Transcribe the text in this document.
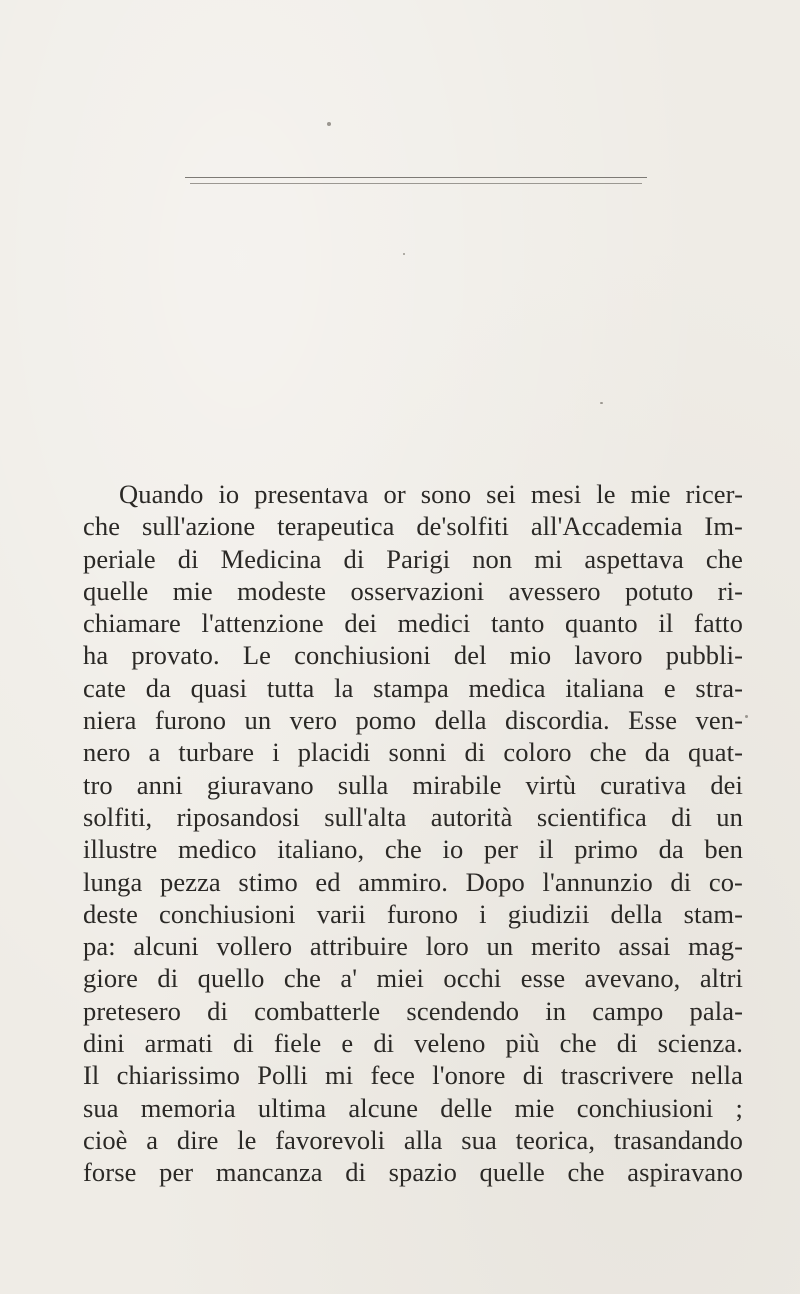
Quando io presentava or sono sei mesi le mie ricer-
che sull'azione terapeutica de'solfiti all'Accademia Im-
periale di Medicina di Parigi non mi aspettava che
quelle mie modeste osservazioni avessero potuto ri-
chiamare l'attenzione dei medici tanto quanto il fatto
ha provato. Le conchiusioni del mio lavoro pubbli-
cate da quasi tutta la stampa medica italiana e stra-
niera furono un vero pomo della discordia. Esse ven-
nero a turbare i placidi sonni di coloro che da quat-
tro anni giuravano sulla mirabile virtù curativa dei
solfiti, riposandosi sull'alta autorità scientifica di un
illustre medico italiano, che io per il primo da ben
lunga pezza stimo ed ammiro. Dopo l'annunzio di co-
deste conchiusioni varii furono i giudizii della stam-
pa: alcuni vollero attribuire loro un merito assai mag-
giore di quello che a' miei occhi esse avevano, altri
pretesero di combatterle scendendo in campo pala-
dini armati di fiele e di veleno più che di scienza.
Il chiarissimo Polli mi fece l'onore di trascrivere nella
sua memoria ultima alcune delle mie conchiusioni ;
cioè a dire le favorevoli alla sua teorica, trasandando
forse per mancanza di spazio quelle che aspiravano
